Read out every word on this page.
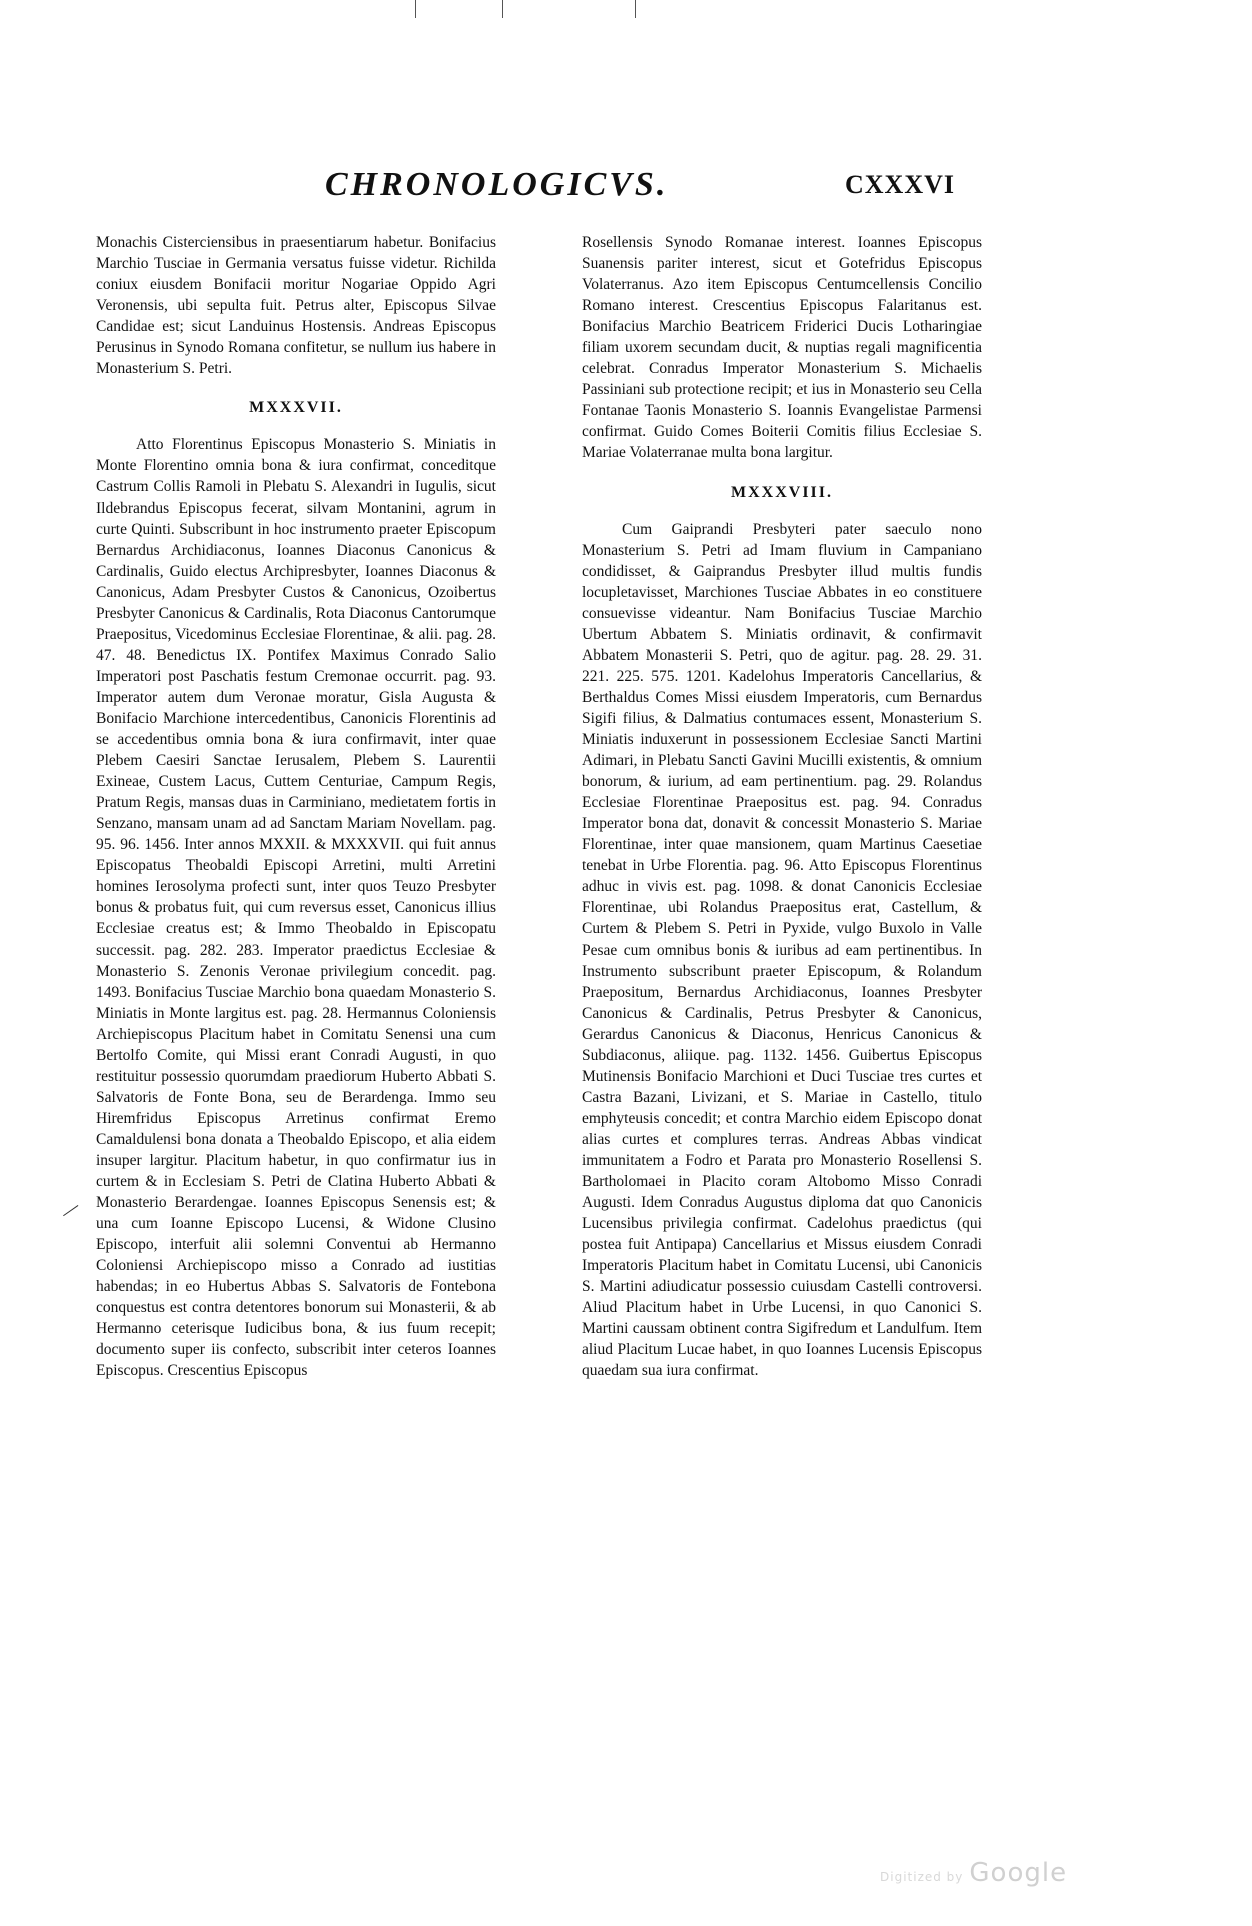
CHRONOLOGICVS.	CXXXVI

Monachis Cisterciensibus in praesentiarum habetur. Bonifacius Marchio Tusciae in Germania versatus fuisse videtur. Richilda coniux eiusdem Bonifacii moritur Nogariae Oppido Agri Veronensis, ubi sepulta fuit. Petrus alter, Episcopus Silvae Candidae est; sicut Landuinus Hostensis. Andreas Episcopus Perusinus in Synodo Romana confitetur, se nullum ius habere in Monasterium S. Petri.

MXXXVII.

Atto Florentinus Episcopus Monasterio S. Miniatis in Monte Florentino omnia bona & iura confirmat, conceditque Castrum Collis Ramoli in Plebatu S. Alexandri in Iugulis, sicut Ildebrandus Episcopus fecerat, silvam Montanini, agrum in curte Quinti. Subscribunt in hoc instrumento praeter Episcopum Bernardus Archidiaconus, Ioannes Diaconus Canonicus & Cardinalis, Guido electus Archipresbyter, Ioannes Diaconus & Canonicus, Adam Presbyter Custos & Canonicus, Ozoibertus Presbyter Canonicus & Cardinalis, Rota Diaconus Cantorumque Praepositus, Vicedominus Ecclesiae Florentinae, & alii. pag. 28. 47. 48. Benedictus IX. Pontifex Maximus Conrado Salio Imperatori post Paschatis festum Cremonae occurrit. pag. 93. Imperator autem dum Veronae moratur, Gisla Augusta & Bonifacio Marchione intercedentibus, Canonicis Florentinis ad se accedentibus omnia bona & iura confirmavit, inter quae Plebem Caesiri Sanctae Ierusalem, Plebem S. Laurentii Exineae, Custem Lacus, Cuttem Centuriae, Campum Regis, Pratum Regis, mansas duas in Carminiano, medietatem fortis in Senzano, mansam unam ad ad Sanctam Mariam Novellam. pag. 95. 96. 1456. Inter annos MXXII. & MXXXVII. qui fuit annus Episcopatus Theobaldi Episcopi Arretini, multi Arretini homines Ierosolyma profecti sunt, inter quos Teuzo Presbyter bonus & probatus fuit, qui cum reversus esset, Canonicus illius Ecclesiae creatus est; & Immo Theobaldo in Episcopatu successit. pag. 282. 283. Imperator praedictus Ecclesiae & Monasterio S. Zenonis Veronae privilegium concedit. pag. 1493. Bonifacius Tusciae Marchio bona quaedam Monasterio S. Miniatis in Monte largitus est. pag. 28. Hermannus Coloniensis Archiepiscopus Placitum habet in Comitatu Senensi una cum Bertolfo Comite, qui Missi erant Conradi Augusti, in quo restituitur possessio quorumdam praediorum Huberto Abbati S. Salvatoris de Fonte Bona, seu de Berardenga. Immo seu Hiremfridus Episcopus Arretinus confirmat Eremo Camaldulensi bona donata a Theobaldo Episcopo, et alia eidem insuper largitur. Placitum habetur, in quo confirmatur ius in curtem & in Ecclesiam S. Petri de Clatina Huberto Abbati & Monasterio Berardengae. Ioannes Episcopus Senensis est; & una cum Ioanne Episcopo Lucensi, & Widone Clusino Episcopo, interfuit alii solemni Conventui ab Hermanno Coloniensi Archiepiscopo misso a Conrado ad iustitias habendas; in eo Hubertus Abbas S. Salvatoris de Fontebona conquestus est contra detentores bonorum sui Monasterii, & ab Hermanno ceterisque Iudicibus bona, & ius fuum recepit; documento super iis confecto, subscribit inter ceteros Ioannes Episcopus. Crescentius Episcopus

Rosellensis Synodo Romanae interest. Ioannes Episcopus Suanensis pariter interest, sicut et Gotefridus Episcopus Volaterranus. Azo item Episcopus Centumcellensis Concilio Romano interest. Crescentius Episcopus Falaritanus est. Bonifacius Marchio Beatricem Friderici Ducis Lotharingiae filiam uxorem secundam ducit, & nuptias regali magnificentia celebrat. Conradus Imperator Monasterium S. Michaelis Passiniani sub protectione recipit; et ius in Monasterio seu Cella Fontanae Taonis Monasterio S. Ioannis Evangelistae Parmensi confirmat. Guido Comes Boiterii Comitis filius Ecclesiae S. Mariae Volaterranae multa bona largitur.

MXXXVIII.

Cum Gaiprandi Presbyteri pater saeculo nono Monasterium S. Petri ad Imam fluvium in Campaniano condidisset, & Gaiprandus Presbyter illud multis fundis locupletavisset, Marchiones Tusciae Abbates in eo constituere consuevisse videantur. Nam Bonifacius Tusciae Marchio Ubertum Abbatem S. Miniatis ordinavit, & confirmavit Abbatem Monasterii S. Petri, quo de agitur. pag. 28. 29. 31. 221. 225. 575. 1201. Kadelohus Imperatoris Cancellarius, & Berthaldus Comes Missi eiusdem Imperatoris, cum Bernardus Sigifi filius, & Dalmatius contumaces essent, Monasterium S. Miniatis induxerunt in possessionem Ecclesiae Sancti Martini Adimari, in Plebatu Sancti Gavini Mucilli existentis, & omnium bonorum, & iurium, ad eam pertinentium. pag. 29. Rolandus Ecclesiae Florentinae Praepositus est. pag. 94. Conradus Imperator bona dat, donavit & concessit Monasterio S. Mariae Florentinae, inter quae mansionem, quam Martinus Caesetiae tenebat in Urbe Florentia. pag. 96. Atto Episcopus Florentinus adhuc in vivis est. pag. 1098. & donat Canonicis Ecclesiae Florentinae, ubi Rolandus Praepositus erat, Castellum, & Curtem & Plebem S. Petri in Pyxide, vulgo Buxolo in Valle Pesae cum omnibus bonis & iuribus ad eam pertinentibus. In Instrumento subscribunt praeter Episcopum, & Rolandum Praepositum, Bernardus Archidiaconus, Ioannes Presbyter Canonicus & Cardinalis, Petrus Presbyter & Canonicus, Gerardus Canonicus & Diaconus, Henricus Canonicus & Subdiaconus, aliique. pag. 1132. 1456. Guibertus Episcopus Mutinensis Bonifacio Marchioni et Duci Tusciae tres curtes et Castra Bazani, Livizani, et S. Mariae in Castello, titulo emphyteusis concedit; et contra Marchio eidem Episcopo donat alias curtes et complures terras. Andreas Abbas vindicat immunitatem a Fodro et Parata pro Monasterio Rosellensi S. Bartholomaei in Placito coram Altobomo Misso Conradi Augusti. Idem Conradus Augustus diploma dat quo Canonicis Lucensibus privilegia confirmat. Cadelohus praedictus (qui postea fuit Antipapa) Cancellarius et Missus eiusdem Conradi Imperatoris Placitum habet in Comitatu Lucensi, ubi Canonicis S. Martini adiudicatur possessio cuiusdam Castelli controversi. Aliud Placitum habet in Urbe Lucensi, in quo Canonici S. Martini caussam obtinent contra Sigifredum et Landulfum. Item aliud Placitum Lucae habet, in quo Ioannes Lucensis Episcopus quaedam sua iura confirmat.

Digitized by Google
